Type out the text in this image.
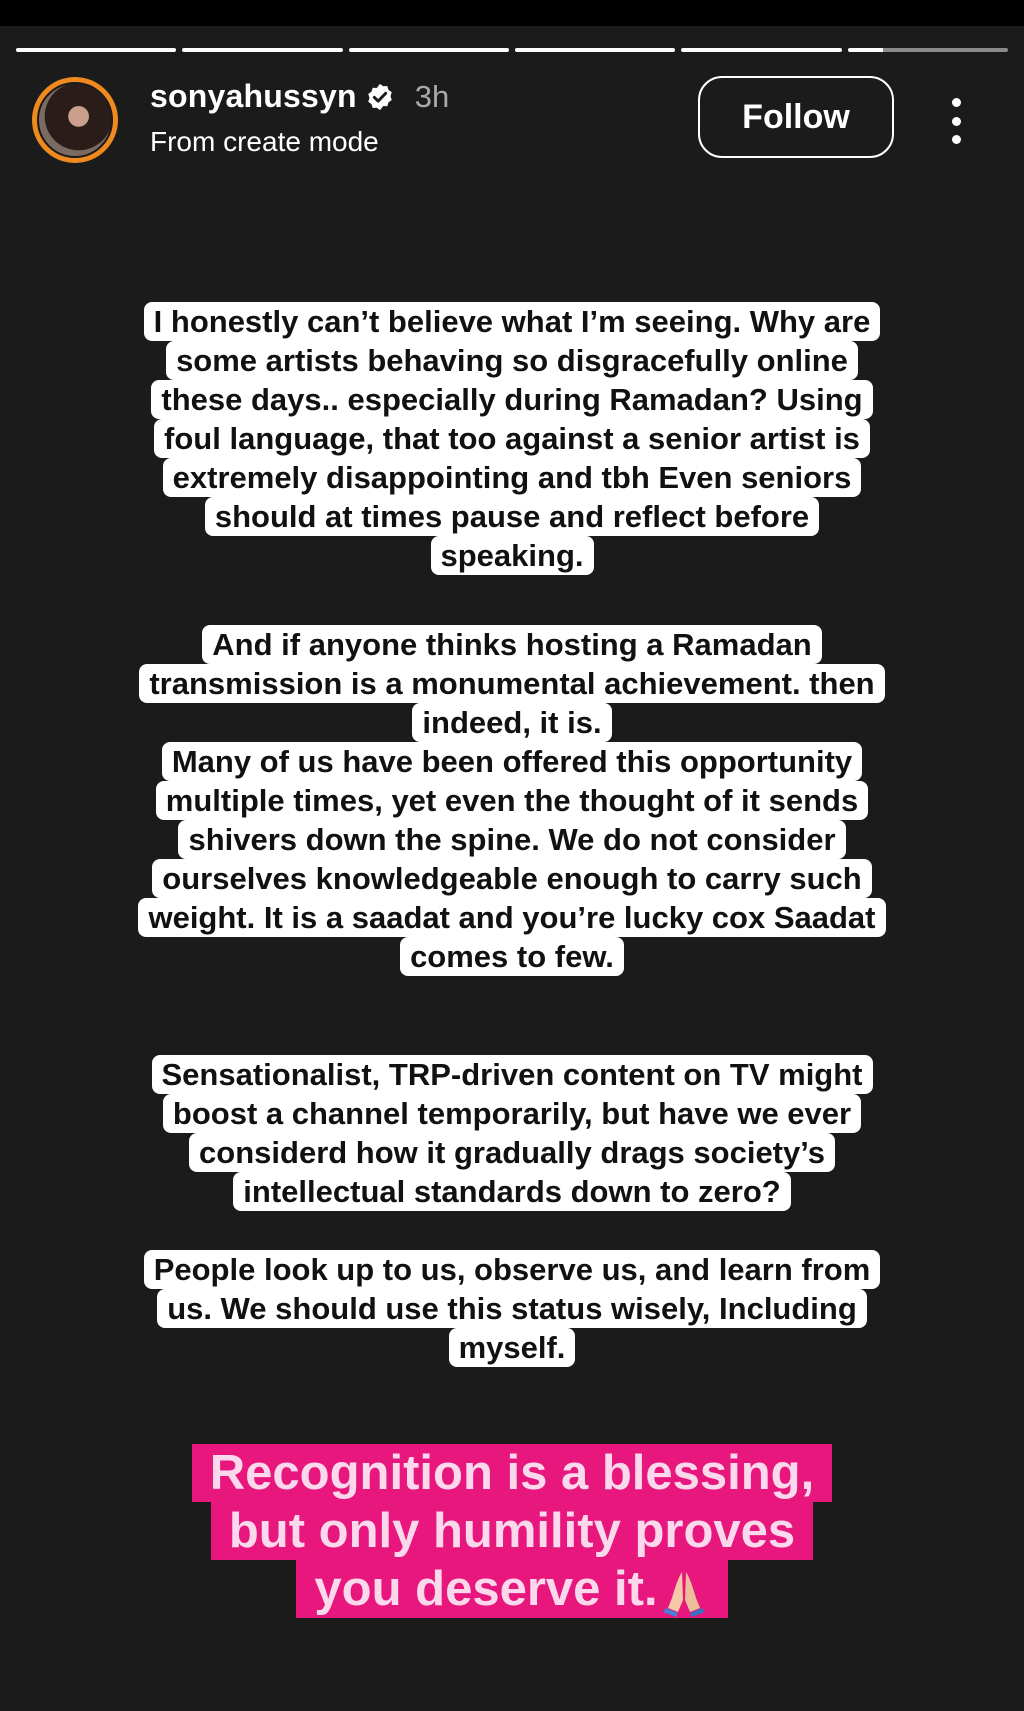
sonyahussyn 3h
From create mode
Follow
I honestly can’t believe what I’m seeing. Why are
some artists behaving so disgracefully online
these days.. especially during Ramadan? Using
foul language, that too against a senior artist is
extremely disappointing and tbh Even seniors
should at times pause and reflect before
speaking.
And if anyone thinks hosting a Ramadan
transmission is a monumental achievement. then
indeed, it is.
Many of us have been offered this opportunity
multiple times, yet even the thought of it sends
shivers down the spine. We do not consider
ourselves knowledgeable enough to carry such
weight. It is a saadat and you’re lucky cox Saadat
comes to few.
Sensationalist, TRP-driven content on TV might
boost a channel temporarily, but have we ever
considerd how it gradually drags society’s
intellectual standards down to zero?
People look up to us, observe us, and learn from
us. We should use this status wisely, Including
myself.
Recognition is a blessing,
but only humility proves
you deserve it.
